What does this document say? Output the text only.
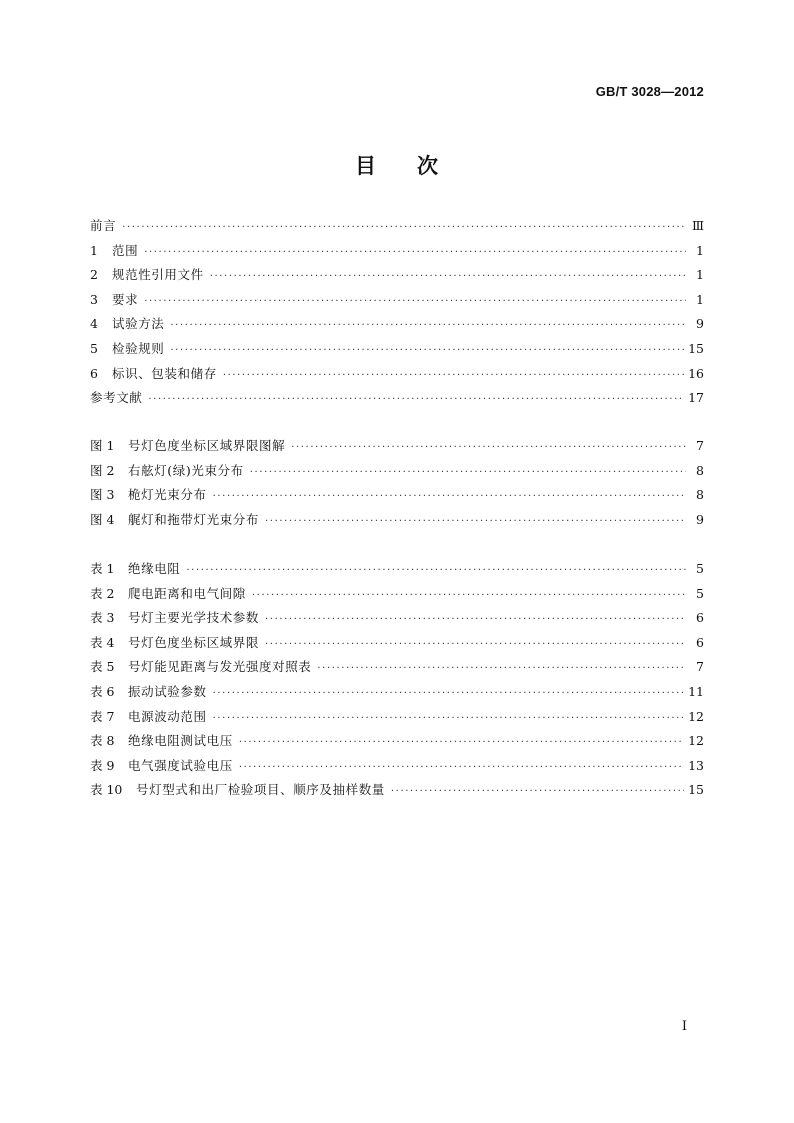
GB/T 3028—2012
目 次
前言 ·····	Ⅲ
1	范围 ·····	1
2	规范性引用文件 ·····	1
3	要求 ·····	1
4	试验方法 ·····	9
5	检验规则 ·····	15
6	标识、包装和储存 ·····	16
参考文献 ·····	17
图 1	号灯色度坐标区域界限图解 ·····	7
图 2	右舷灯(绿)光束分布 ·····	8
图 3	桅灯光束分布 ·····	8
图 4	艉灯和拖带灯光束分布 ·····	9
表 1	绝缘电阻 ·····	5
表 2	爬电距离和电气间隙 ·····	5
表 3	号灯主要光学技术参数 ·····	6
表 4	号灯色度坐标区域界限 ·····	6
表 5	号灯能见距离与发光强度对照表 ·····	7
表 6	振动试验参数 ·····	11
表 7	电源波动范围 ·····	12
表 8	绝缘电阻测试电压 ·····	12
表 9	电气强度试验电压 ·····	13
表 10	号灯型式和出厂检验项目、顺序及抽样数量 ·····	15
I
